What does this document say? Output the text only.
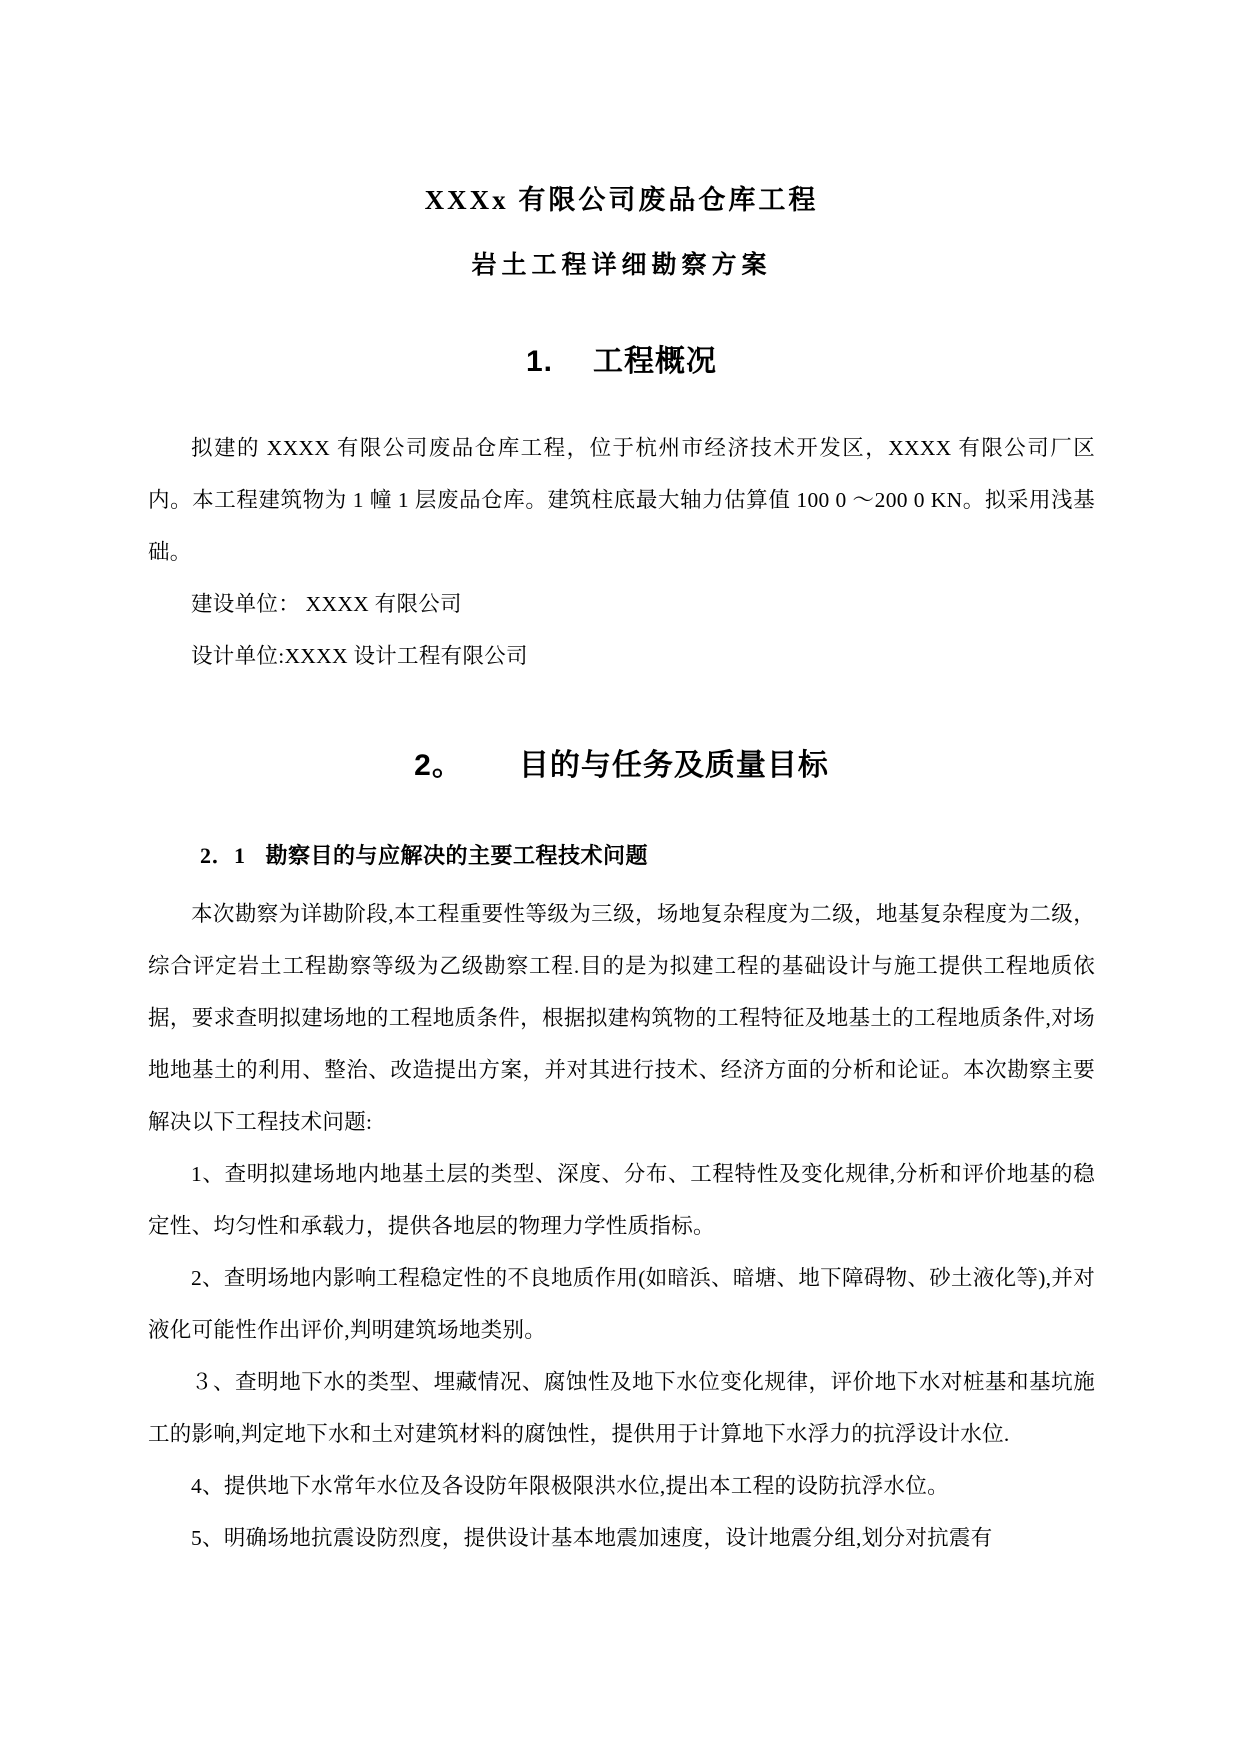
XXXx 有限公司废品仓库工程
岩土工程详细勘察方案
1. 工程概况

拟建的 XXXX 有限公司废品仓库工程，位于杭州市经济技术开发区，XXXX 有限公司厂区内。本工程建筑物为 1 幢 1 层废品仓库。建筑柱底最大轴力估算值 100 0 ～200 0 KN。拟采用浅基础。

建设单位： XXXX 有限公司

设计单位:XXXX 设计工程有限公司

2。 目的与任务及质量目标

2．1 勘察目的与应解决的主要工程技术问题

本次勘察为详勘阶段,本工程重要性等级为三级，场地复杂程度为二级，地基复杂程度为二级，综合评定岩土工程勘察等级为乙级勘察工程.目的是为拟建工程的基础设计与施工提供工程地质依据，要求查明拟建场地的工程地质条件，根据拟建构筑物的工程特征及地基土的工程地质条件,对场地地基土的利用、整治、改造提出方案，并对其进行技术、经济方面的分析和论证。本次勘察主要解决以下工程技术问题:

1、查明拟建场地内地基土层的类型、深度、分布、工程特性及变化规律,分析和评价地基的稳定性、均匀性和承载力，提供各地层的物理力学性质指标。

2、查明场地内影响工程稳定性的不良地质作用(如暗浜、暗塘、地下障碍物、砂土液化等),并对液化可能性作出评价,判明建筑场地类别。

３、查明地下水的类型、埋藏情况、腐蚀性及地下水位变化规律，评价地下水对桩基和基坑施工的影响,判定地下水和土对建筑材料的腐蚀性，提供用于计算地下水浮力的抗浮设计水位.

4、提供地下水常年水位及各设防年限极限洪水位,提出本工程的设防抗浮水位。

5、明确场地抗震设防烈度，提供设计基本地震加速度，设计地震分组,划分对抗震有
